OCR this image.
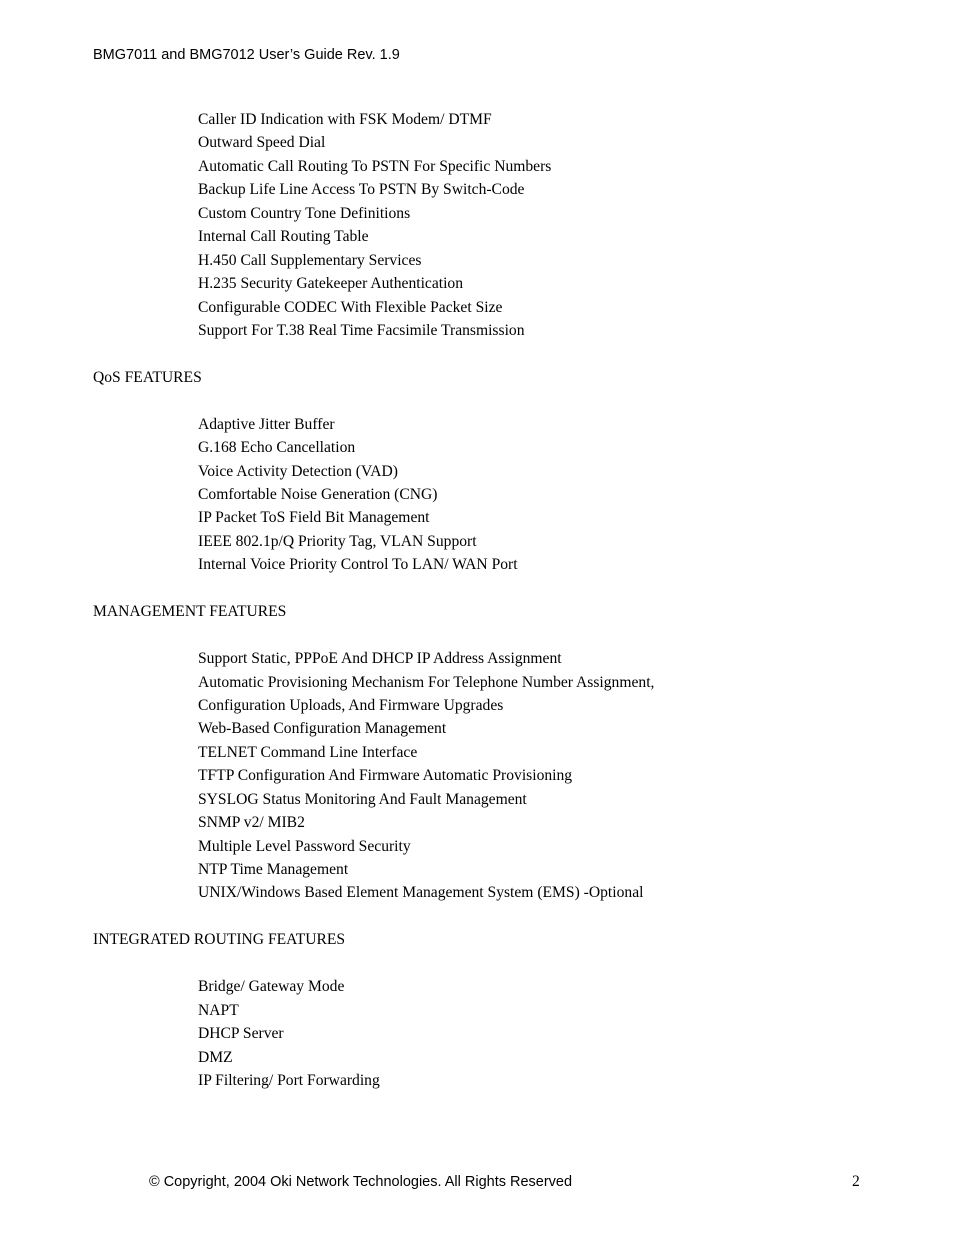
BMG7011 and BMG7012 User’s Guide Rev. 1.9
Caller ID Indication with FSK Modem/ DTMF
Outward Speed Dial
Automatic Call Routing To PSTN For Specific Numbers
Backup Life Line Access To PSTN By Switch-Code
Custom Country Tone Definitions
Internal Call Routing Table
H.450 Call Supplementary Services
H.235 Security Gatekeeper Authentication
Configurable CODEC With Flexible Packet Size
Support For T.38 Real Time Facsimile Transmission
QoS FEATURES
Adaptive Jitter Buffer
G.168 Echo Cancellation
Voice Activity Detection (VAD)
Comfortable Noise Generation (CNG)
IP Packet ToS Field Bit Management
IEEE 802.1p/Q Priority Tag, VLAN Support
Internal Voice Priority Control To LAN/ WAN Port
MANAGEMENT FEATURES
Support Static, PPPoE And DHCP IP Address Assignment
Automatic Provisioning Mechanism For Telephone Number Assignment,
Configuration Uploads, And Firmware Upgrades
Web-Based Configuration Management
TELNET Command Line Interface
TFTP Configuration And Firmware Automatic Provisioning
SYSLOG Status Monitoring And Fault Management
SNMP v2/ MIB2
Multiple Level Password Security
NTP Time Management
UNIX/Windows Based Element Management System (EMS) -Optional
INTEGRATED ROUTING FEATURES
Bridge/ Gateway Mode
NAPT
DHCP Server
DMZ
IP Filtering/ Port Forwarding
© Copyright, 2004 Oki Network Technologies. All Rights Reserved	2
